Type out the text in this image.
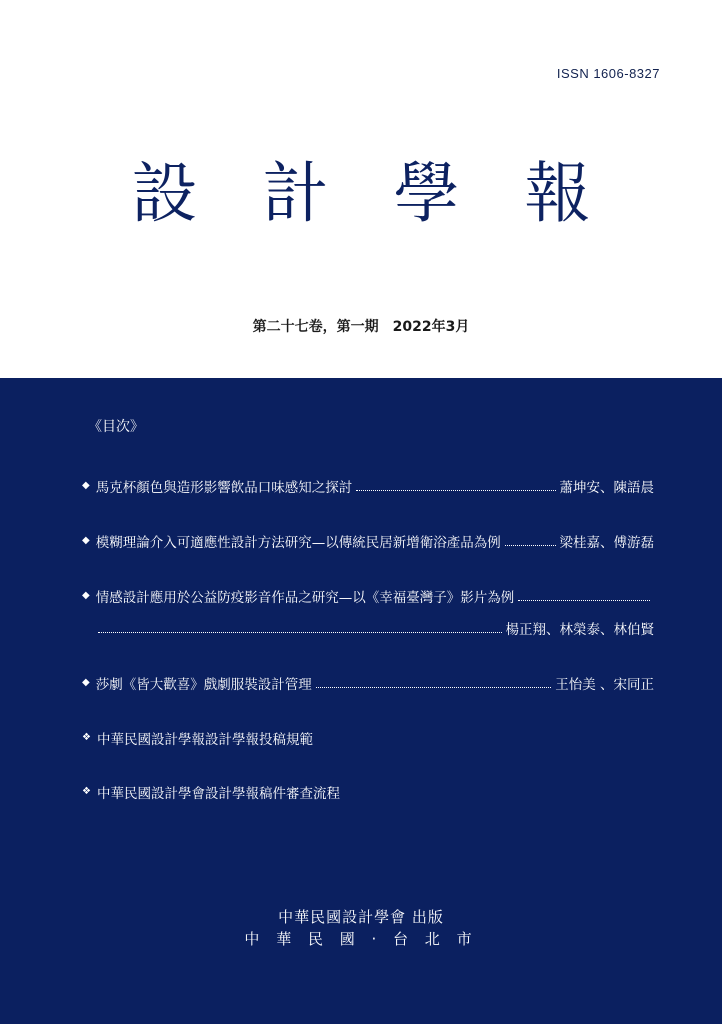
ISSN 1606-8327
設 計 學 報
第二十七卷，第一期　2022年3月
《目次》
◆ 馬克杯顏色與造形影響飲品口味感知之探討	蕭坤安、陳語晨
◆ 模糊理論介入可適應性設計方法研究—以傳統民居新增衛浴產品為例	梁桂嘉、傅游磊
◆ 情感設計應用於公益防疫影音作品之研究—以《幸福臺灣子》影片為例
楊正翔、林榮泰、林伯賢
◆ 莎劇《皆大歡喜》戲劇服裝設計管理	王怡美 、宋同正
❖ 中華民國設計學報設計學報投稿規範
❖ 中華民國設計學會設計學報稿件審查流程
中華民國設計學會 出版
中 華 民 國 · 台 北 市
